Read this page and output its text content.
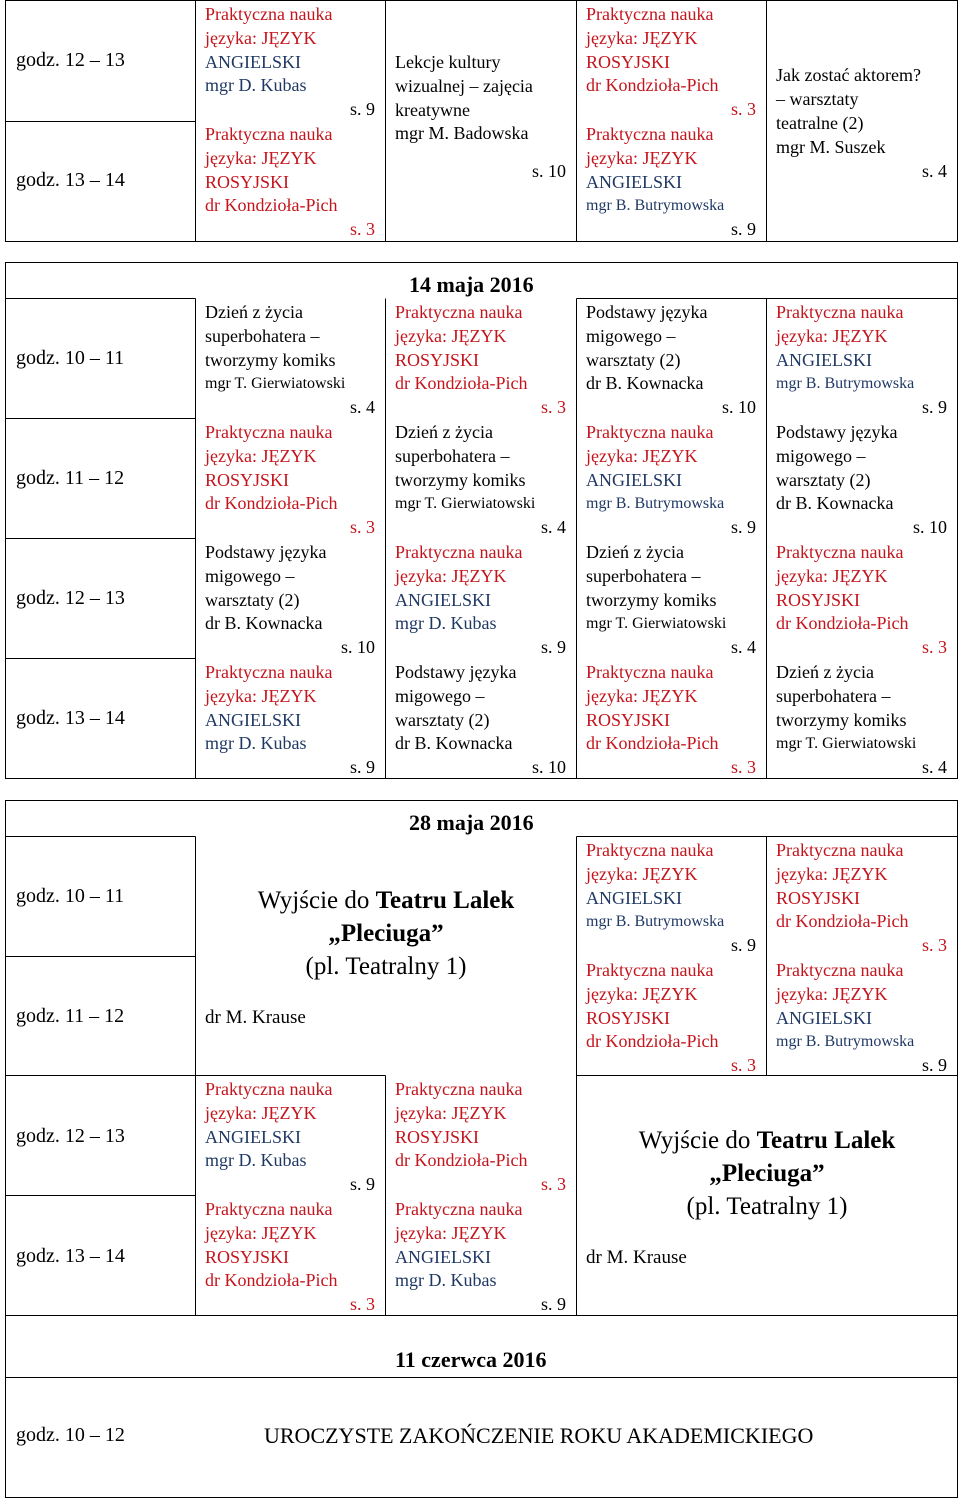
godz. 12 – 13
godz. 13 – 14
Praktyczna nauka
języka: JĘZYK
ANGIELSKI
mgr D. Kubas
s. 9
Praktyczna nauka
języka: JĘZYK
ROSYJSKI
dr Kondzioła-Pich
s. 3
Lekcje kultury
wizualnej – zajęcia
kreatywne
mgr M. Badowska
s. 10
Praktyczna nauka
języka: JĘZYK
ROSYJSKI
dr Kondzioła-Pich
s. 3
Praktyczna nauka
języka: JĘZYK
ANGIELSKI
mgr B. Butrymowska
s. 9
Jak zostać aktorem?
– warsztaty
teatralne (2)
mgr M. Suszek
s. 4
14 maja 2016
godz. 10 – 11
godz. 11 – 12
godz. 12 – 13
godz. 13 – 14
Dzień z życia
superbohatera –
tworzymy komiks
mgr T. Gierwiatowski
s. 4
Praktyczna nauka
języka: JĘZYK
ROSYJSKI
dr Kondzioła-Pich
s. 3
Podstawy języka
migowego –
warsztaty (2)
dr B. Kownacka
s. 10
Praktyczna nauka
języka: JĘZYK
ANGIELSKI
mgr D. Kubas
s. 9
Praktyczna nauka
języka: JĘZYK
ROSYJSKI
dr Kondzioła-Pich
s. 3
Dzień z życia
superbohatera –
tworzymy komiks
mgr T. Gierwiatowski
s. 4
Praktyczna nauka
języka: JĘZYK
ANGIELSKI
mgr D. Kubas
s. 9
Podstawy języka
migowego –
warsztaty (2)
dr B. Kownacka
s. 10
Podstawy języka
migowego –
warsztaty (2)
dr B. Kownacka
s. 10
Praktyczna nauka
języka: JĘZYK
ANGIELSKI
mgr B. Butrymowska
s. 9
Dzień z życia
superbohatera –
tworzymy komiks
mgr T. Gierwiatowski
s. 4
Praktyczna nauka
języka: JĘZYK
ROSYJSKI
dr Kondzioła-Pich
s. 3
Praktyczna nauka
języka: JĘZYK
ANGIELSKI
mgr B. Butrymowska
s. 9
Podstawy języka
migowego –
warsztaty (2)
dr B. Kownacka
s. 10
Praktyczna nauka
języka: JĘZYK
ROSYJSKI
dr Kondzioła-Pich
s. 3
Dzień z życia
superbohatera –
tworzymy komiks
mgr T. Gierwiatowski
s. 4
28 maja 2016
godz. 10 – 11
godz. 11 – 12
godz. 12 – 13
godz. 13 – 14
Wyjście do Teatru Lalek
„Pleciuga”
(pl. Teatralny 1)
dr M. Krause
Praktyczna nauka
języka: JĘZYK
ANGIELSKI
mgr D. Kubas
s. 9
Praktyczna nauka
języka: JĘZYK
ROSYJSKI
dr Kondzioła-Pich
s. 3
Praktyczna nauka
języka: JĘZYK
ROSYJSKI
dr Kondzioła-Pich
s. 3
Praktyczna nauka
języka: JĘZYK
ANGIELSKI
mgr D. Kubas
s. 9
Praktyczna nauka
języka: JĘZYK
ANGIELSKI
mgr B. Butrymowska
s. 9
Praktyczna nauka
języka: JĘZYK
ROSYJSKI
dr Kondzioła-Pich
s. 3
Praktyczna nauka
języka: JĘZYK
ROSYJSKI
dr Kondzioła-Pich
s. 3
Praktyczna nauka
języka: JĘZYK
ANGIELSKI
mgr B. Butrymowska
s. 9
Wyjście do Teatru Lalek
„Pleciuga”
(pl. Teatralny 1)
dr M. Krause
11 czerwca 2016
godz. 10 – 12	UROCZYSTE ZAKOŃCZENIE ROKU AKADEMICKIEGO
